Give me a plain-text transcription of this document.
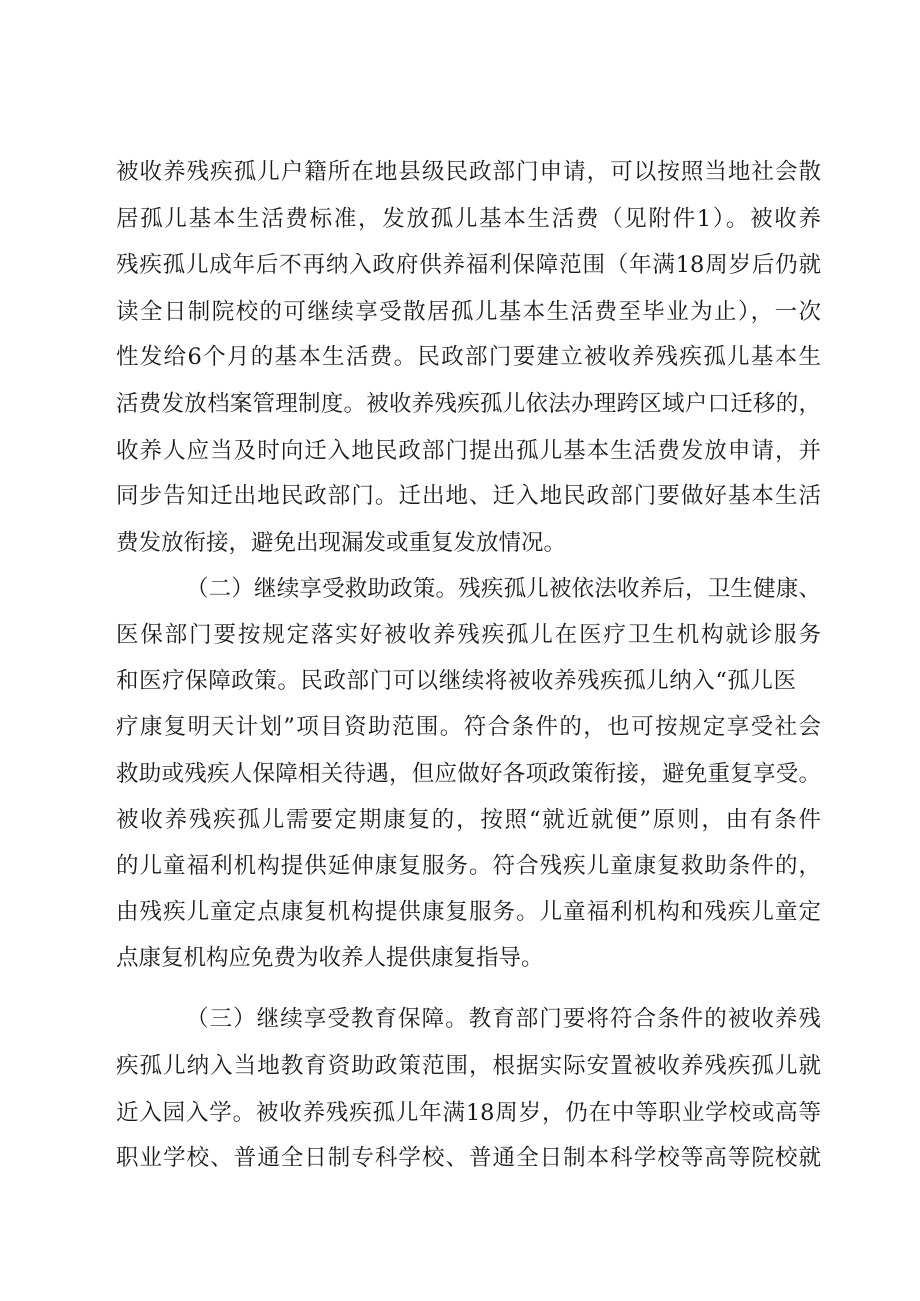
被收养残疾孤儿户籍所在地县级民政部门申请，可以按照当地社会散
居孤儿基本生活费标准，发放孤儿基本生活费（见附件1）。被收养
残疾孤儿成年后不再纳入政府供养福利保障范围（年满18周岁后仍就
读全日制院校的可继续享受散居孤儿基本生活费至毕业为止），一次
性发给6个月的基本生活费。民政部门要建立被收养残疾孤儿基本生
活费发放档案管理制度。被收养残疾孤儿依法办理跨区域户口迁移的，
收养人应当及时向迁入地民政部门提出孤儿基本生活费发放申请，并
同步告知迁出地民政部门。迁出地、迁入地民政部门要做好基本生活
费发放衔接，避免出现漏发或重复发放情况。
（二）继续享受救助政策。残疾孤儿被依法收养后，卫生健康、
医保部门要按规定落实好被收养残疾孤儿在医疗卫生机构就诊服务
和医疗保障政策。民政部门可以继续将被收养残疾孤儿纳入“孤儿医
疗康复明天计划”项目资助范围。符合条件的，也可按规定享受社会
救助或残疾人保障相关待遇，但应做好各项政策衔接，避免重复享受。
被收养残疾孤儿需要定期康复的，按照“就近就便”原则，由有条件
的儿童福利机构提供延伸康复服务。符合残疾儿童康复救助条件的，
由残疾儿童定点康复机构提供康复服务。儿童福利机构和残疾儿童定
点康复机构应免费为收养人提供康复指导。
（三）继续享受教育保障。教育部门要将符合条件的被收养残
疾孤儿纳入当地教育资助政策范围，根据实际安置被收养残疾孤儿就
近入园入学。被收养残疾孤儿年满18周岁，仍在中等职业学校或高等
职业学校、普通全日制专科学校、普通全日制本科学校等高等院校就
